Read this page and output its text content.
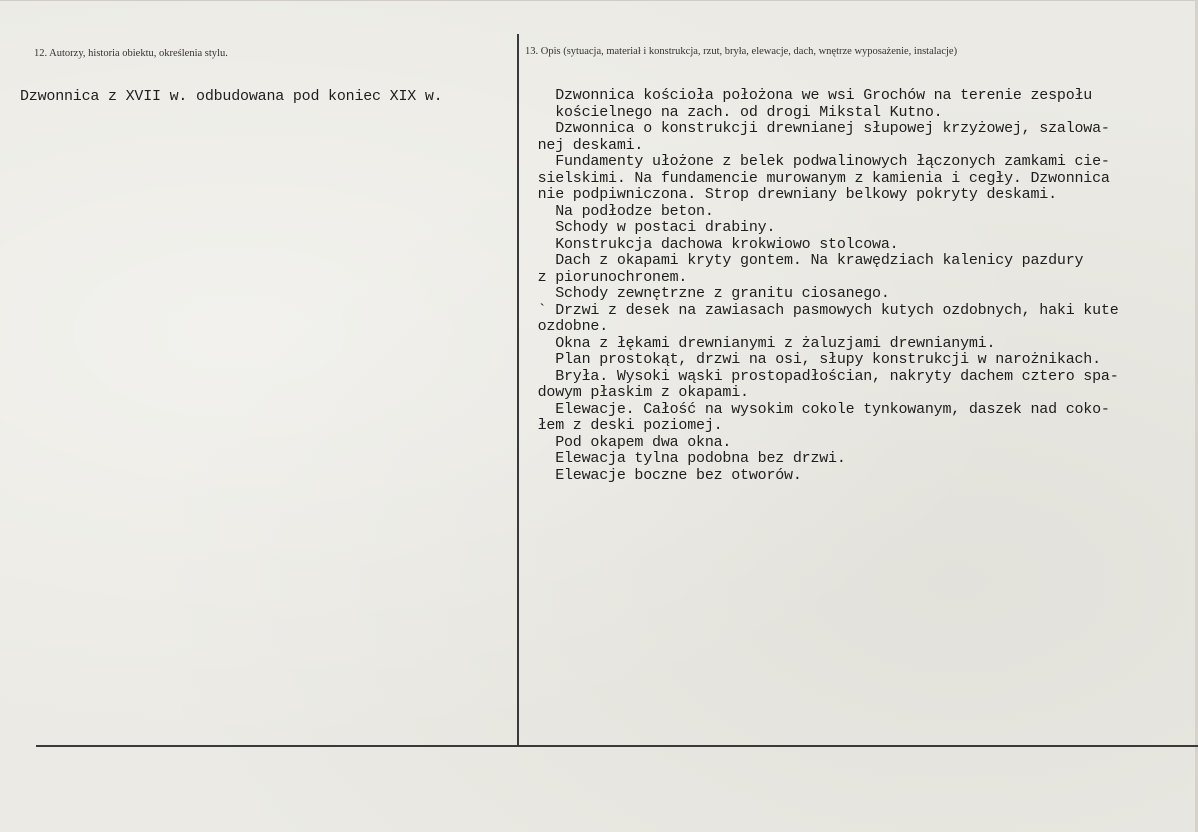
12. Autorzy, historia obiektu, określenia stylu.	13. Opis (sytuacja, materiał i konstrukcja, rzut, bryła, elewacje, dach, wnętrze wyposażenie, instalacje)
Dzwonnica z XVII w. odbudowana pod koniec XIX w.	Dzwonnica kościoła położona we wsi Grochów na terenie zespołu
kościelnego na zach. od drogi Mikstal Kutno.
Dzwonnica o konstrukcji drewnianej słupowej krzyżowej, szalowa-
nej deskami.
Fundamenty ułożone z belek podwalinowych łączonych zamkami cie-
sielskimi. Na fundamencie murowanym z kamienia i cegły. Dzwonnica
nie podpiwniczona. Strop drewniany belkowy pokryty deskami.
Na podłodze beton.
Schody w postaci drabiny.
Konstrukcja dachowa krokwiowo stolcowa.
Dach z okapami kryty gontem. Na krawędziach kalenicy pazdury
z piorunochronem.
Schody zewnętrzne z granitu ciosanego.
` Drzwi z desek na zawiasach pasmowych kutych ozdobnych, haki kute
ozdobne.
Okna z łękami drewnianymi z żaluzjami drewnianymi.
Plan prostokąt, drzwi na osi, słupy konstrukcji w narożnikach.
Bryła. Wysoki wąski prostopadłościan, nakryty dachem cztero spa-
dowym płaskim z okapami.
Elewacje. Całość na wysokim cokole tynkowanym, daszek nad coko-
łem z deski poziomej.
Pod okapem dwa okna.
Elewacja tylna podobna bez drzwi.
Elewacje boczne bez otworów.
